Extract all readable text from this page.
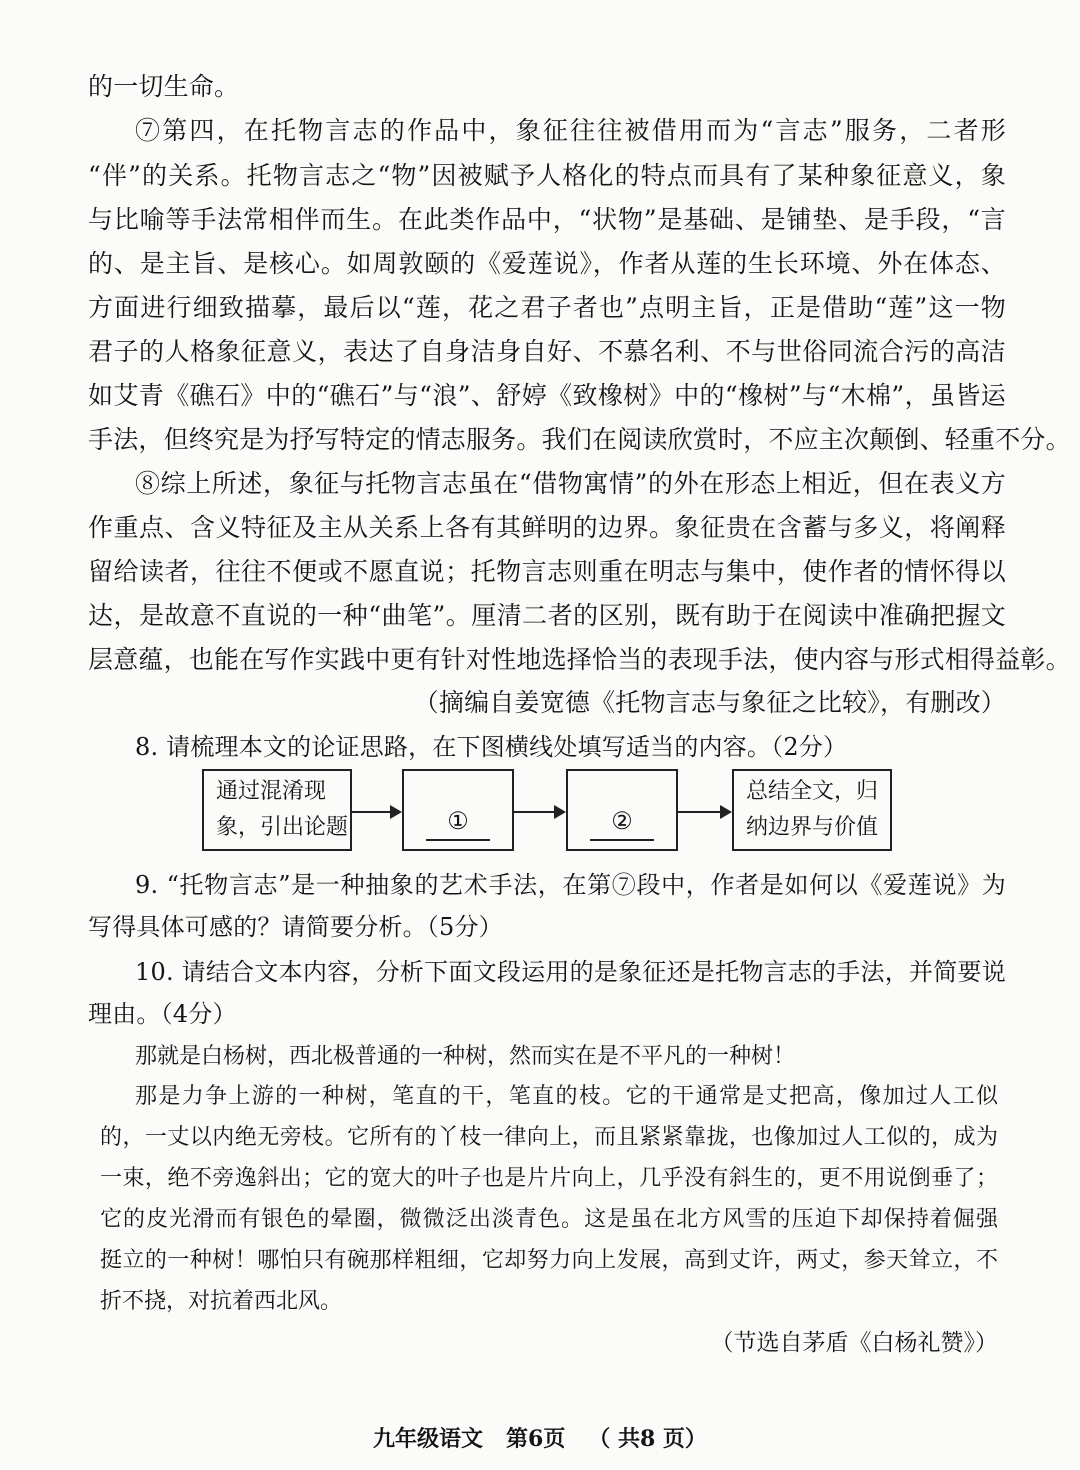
的一切生命。
⑦第四，在托物言志的作品中，象征往往被借用而为“言志”服务，二者形
“伴”的关系。托物言志之“物”因被赋予人格化的特点而具有了某种象征意义，象
与比喻等手法常相伴而生。在此类作品中，“状物”是基础、是铺垫、是手段，“言
的、是主旨、是核心。如周敦颐的《爱莲说》，作者从莲的生长环境、外在体态、
方面进行细致描摹，最后以“莲，花之君子者也”点明主旨，正是借助“莲”这一物
君子的人格象征意义，表达了自身洁身自好、不慕名利、不与世俗同流合污的高洁
如艾青《礁石》中的“礁石”与“浪”、舒婷《致橡树》中的“橡树”与“木棉”，虽皆运
手法，但终究是为抒写特定的情志服务。我们在阅读欣赏时，不应主次颠倒、轻重不分。
⑧综上所述，象征与托物言志虽在“借物寓情”的外在形态上相近，但在表义方
作重点、含义特征及主从关系上各有其鲜明的边界。象征贵在含蓄与多义，将阐释
留给读者，往往不便或不愿直说；托物言志则重在明志与集中，使作者的情怀得以
达，是故意不直说的一种“曲笔”。厘清二者的区别，既有助于在阅读中准确把握文
层意蕴，也能在写作实践中更有针对性地选择恰当的表现手法，使内容与形式相得益彰。
（摘编自姜宽德《托物言志与象征之比较》，有删改）
8. 请梳理本文的论证思路，在下图横线处填写适当的内容。（2分）
通过混淆现
象，引出论题	①	②
总结全文，归
纳边界与价值
9. “托物言志”是一种抽象的艺术手法，在第⑦段中，作者是如何以《爱莲说》为
写得具体可感的？请简要分析。（5分）
10. 请结合文本内容，分析下面文段运用的是象征还是托物言志的手法，并简要说
理由。（4分）
那就是白杨树，西北极普通的一种树，然而实在是不平凡的一种树！
那是力争上游的一种树，笔直的干，笔直的枝。它的干通常是丈把高，像加过人工似
的，一丈以内绝无旁枝。它所有的丫枝一律向上，而且紧紧靠拢，也像加过人工似的，成为
一束，绝不旁逸斜出；它的宽大的叶子也是片片向上，几乎没有斜生的，更不用说倒垂了；
它的皮光滑而有银色的晕圈，微微泛出淡青色。这是虽在北方风雪的压迫下却保持着倔强
挺立的一种树！哪怕只有碗那样粗细，它却努力向上发展，高到丈许，两丈，参天耸立，不
折不挠，对抗着西北风。
（节选自茅盾《白杨礼赞》）
九年级语文   第6页   （ 共8 页）
